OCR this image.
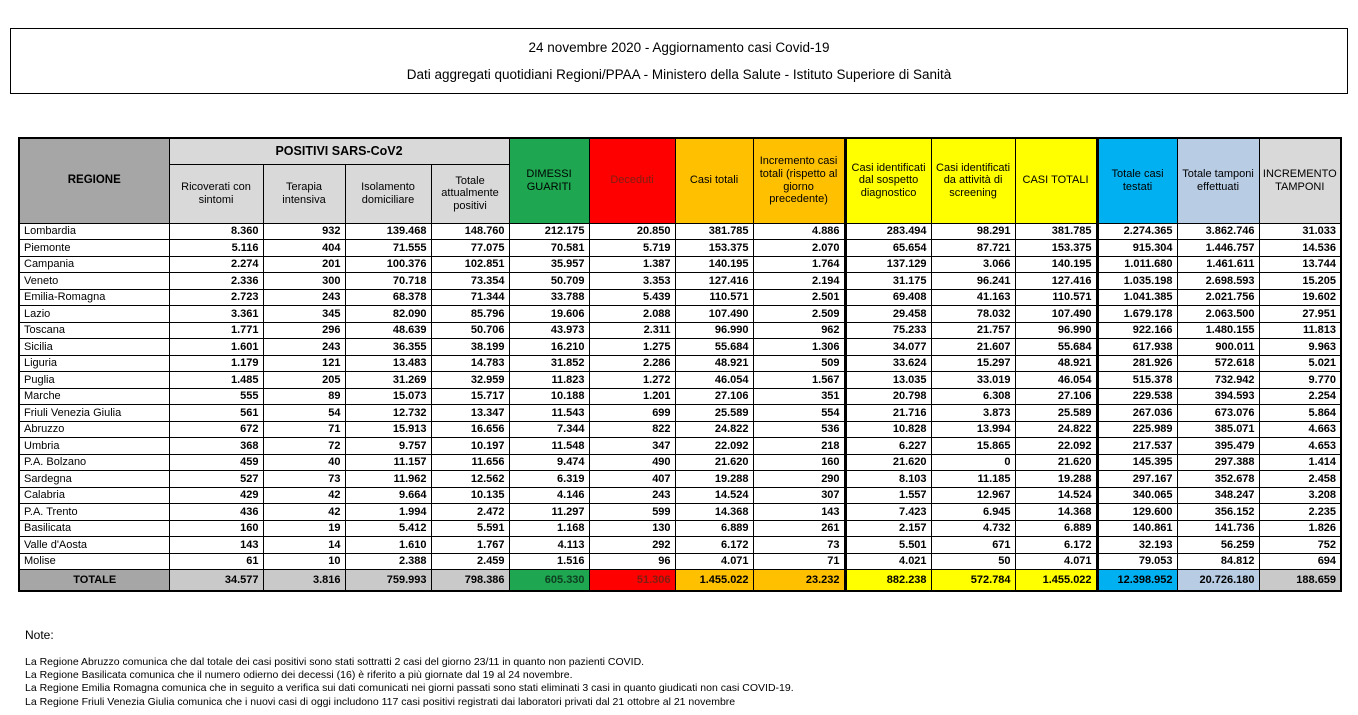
24 novembre 2020 - Aggiornamento casi Covid-19
Dati aggregati quotidiani Regioni/PPAA - Ministero della Salute - Istituto Superiore di Sanità
REGIONE	POSITIVI SARS-CoV2				DIMESSI GUARITI	Deceduti	Casi totali	Incremento casi totali (rispetto al giorno precedente)	Casi identificati dal sospetto diagnostico	Casi identificati da attività di screening	CASI TOTALI	Totale casi testati	Totale tamponi effettuati	INCREMENTO TAMPONI
	Ricoverati con sintomi	Terapia intensiva	Isolamento domiciliare	Totale attualmente positivi										
Lombardia	8.360	932	139.468	148.760	212.175	20.850	381.785	4.886	283.494	98.291	381.785	2.274.365	3.862.746	31.033
Piemonte	5.116	404	71.555	77.075	70.581	5.719	153.375	2.070	65.654	87.721	153.375	915.304	1.446.757	14.536
Campania	2.274	201	100.376	102.851	35.957	1.387	140.195	1.764	137.129	3.066	140.195	1.011.680	1.461.611	13.744
Veneto	2.336	300	70.718	73.354	50.709	3.353	127.416	2.194	31.175	96.241	127.416	1.035.198	2.698.593	15.205
Emilia-Romagna	2.723	243	68.378	71.344	33.788	5.439	110.571	2.501	69.408	41.163	110.571	1.041.385	2.021.756	19.602
Lazio	3.361	345	82.090	85.796	19.606	2.088	107.490	2.509	29.458	78.032	107.490	1.679.178	2.063.500	27.951
Toscana	1.771	296	48.639	50.706	43.973	2.311	96.990	962	75.233	21.757	96.990	922.166	1.480.155	11.813
Sicilia	1.601	243	36.355	38.199	16.210	1.275	55.684	1.306	34.077	21.607	55.684	617.938	900.011	9.963
Liguria	1.179	121	13.483	14.783	31.852	2.286	48.921	509	33.624	15.297	48.921	281.926	572.618	5.021
Puglia	1.485	205	31.269	32.959	11.823	1.272	46.054	1.567	13.035	33.019	46.054	515.378	732.942	9.770
Marche	555	89	15.073	15.717	10.188	1.201	27.106	351	20.798	6.308	27.106	229.538	394.593	2.254
Friuli Venezia Giulia	561	54	12.732	13.347	11.543	699	25.589	554	21.716	3.873	25.589	267.036	673.076	5.864
Abruzzo	672	71	15.913	16.656	7.344	822	24.822	536	10.828	13.994	24.822	225.989	385.071	4.663
Umbria	368	72	9.757	10.197	11.548	347	22.092	218	6.227	15.865	22.092	217.537	395.479	4.653
P.A. Bolzano	459	40	11.157	11.656	9.474	490	21.620	160	21.620	0	21.620	145.395	297.388	1.414
Sardegna	527	73	11.962	12.562	6.319	407	19.288	290	8.103	11.185	19.288	297.167	352.678	2.458
Calabria	429	42	9.664	10.135	4.146	243	14.524	307	1.557	12.967	14.524	340.065	348.247	3.208
P.A. Trento	436	42	1.994	2.472	11.297	599	14.368	143	7.423	6.945	14.368	129.600	356.152	2.235
Basilicata	160	19	5.412	5.591	1.168	130	6.889	261	2.157	4.732	6.889	140.861	141.736	1.826
Valle d'Aosta	143	14	1.610	1.767	4.113	292	6.172	73	5.501	671	6.172	32.193	56.259	752
Molise	61	10	2.388	2.459	1.516	96	4.071	71	4.021	50	4.071	79.053	84.812	694
TOTALE	34.577	3.816	759.993	798.386	605.330	51.306	1.455.022	23.232	882.238	572.784	1.455.022	12.398.952	20.726.180	188.659
Note:
La Regione Abruzzo comunica che dal totale dei casi positivi sono stati sottratti 2 casi del giorno 23/11 in quanto non pazienti COVID.
La Regione Basilicata comunica che il numero odierno dei decessi (16) è riferito a più giornate dal 19 al 24 novembre.
La Regione Emilia Romagna comunica che in seguito a verifica sui dati comunicati nei giorni passati sono stati eliminati 3 casi in quanto giudicati non casi COVID-19.
La Regione Friuli Venezia Giulia comunica che i nuovi casi di oggi includono 117 casi positivi registrati dai laboratori privati dal 21 ottobre al 21 novembre
